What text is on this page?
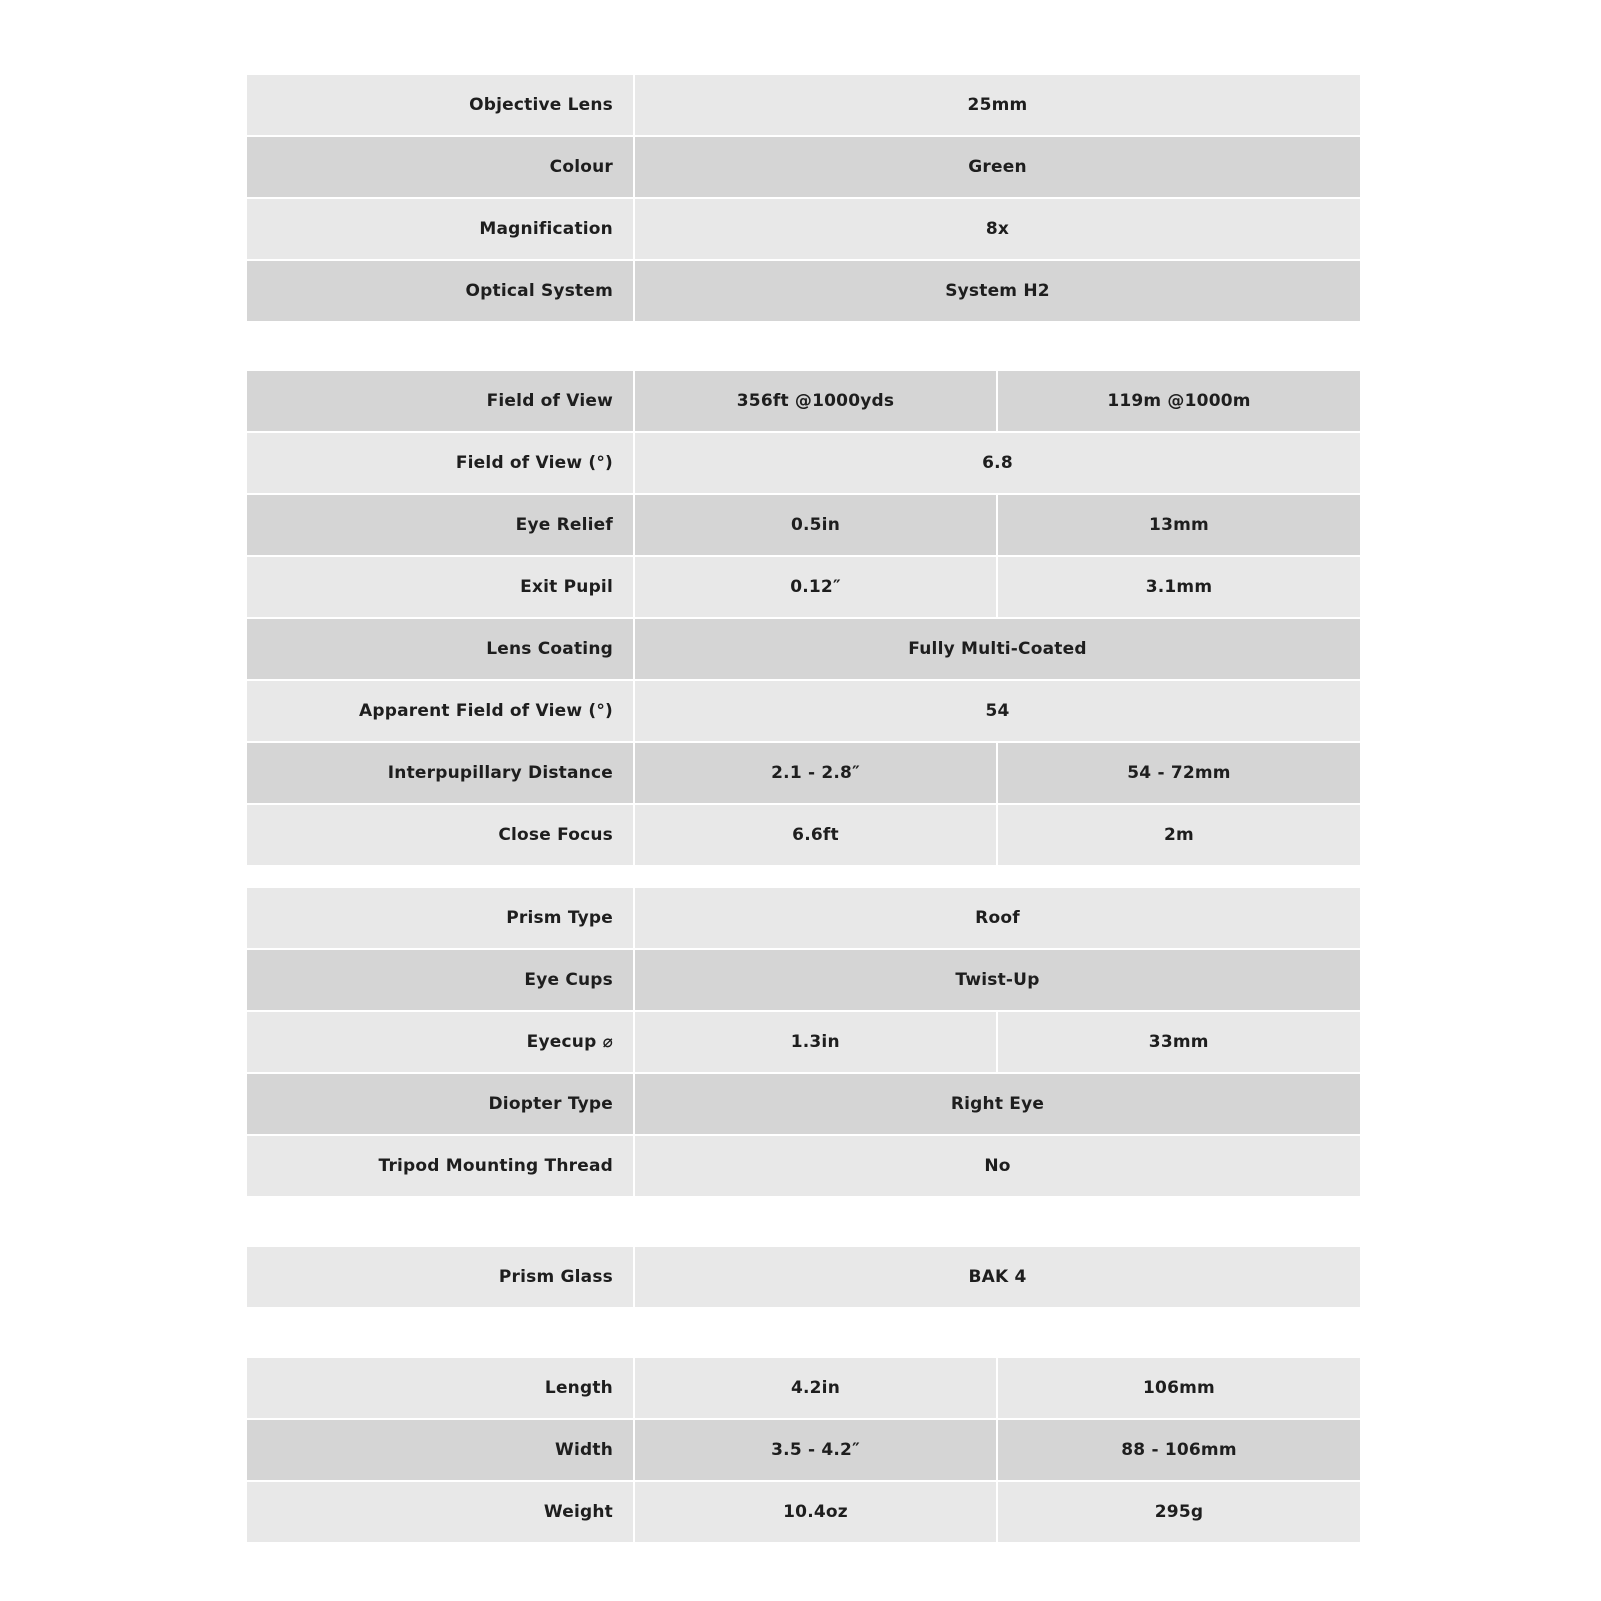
Objective Lens	25mm
Colour	Green
Magnification	8x
Optical System	System H2
Field of View	356ft @1000yds	119m @1000m
Field of View (°)	6.8	
Eye Relief	0.5in	13mm
Exit Pupil	0.12″	3.1mm
Lens Coating	Fully Multi-Coated	
Apparent Field of View (°)	54	
Interpupillary Distance	2.1 - 2.8″	54 - 72mm
Close Focus	6.6ft	2m
Prism Type	Roof	
Eye Cups	Twist-Up	
Eyecup ⌀	1.3in	33mm
Diopter Type	Right Eye	
Tripod Mounting Thread	No	
Prism Glass	BAK 4
Length	4.2in	106mm
Width	3.5 - 4.2″	88 - 106mm
Weight	10.4oz	295g
